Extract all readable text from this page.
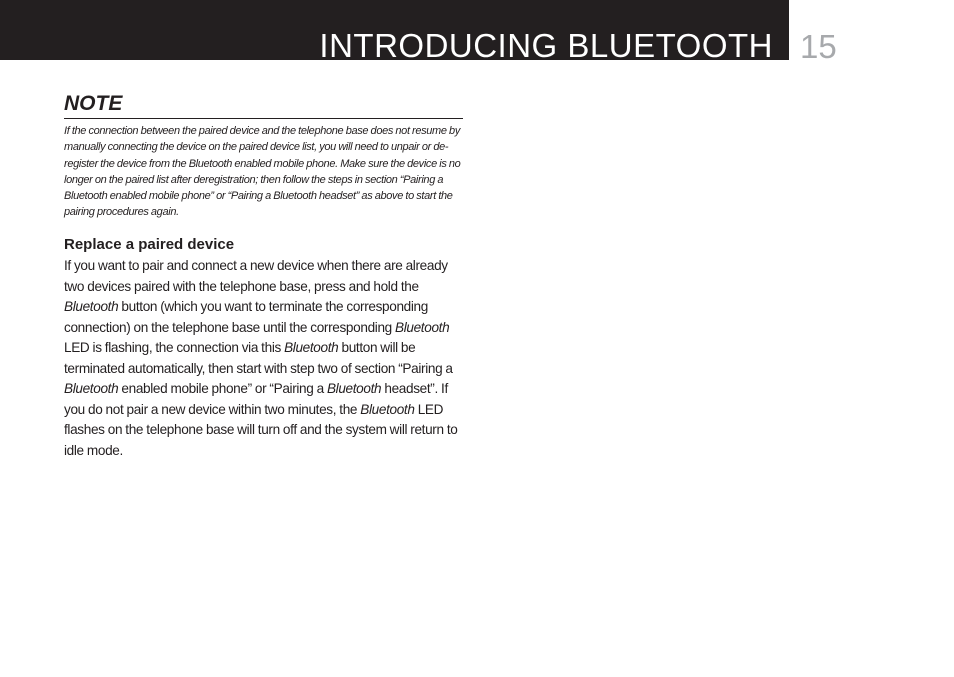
INTRODUCING BLUETOOTH 15
NOTE

If the connection between the paired device and the telephone base does not resume by manually connecting the device on the paired device list, you will need to unpair or de-register the device from the Bluetooth enabled mobile phone. Make sure the device is no longer on the paired list after deregistration; then follow the steps in section “Pairing a Bluetooth enabled mobile phone” or “Pairing a Bluetooth headset” as above to start the pairing procedures again.

Replace a paired device

If you want to pair and connect a new device when there are already two devices paired with the telephone base, press and hold the Bluetooth button (which you want to terminate the corresponding connection) on the telephone base until the corresponding Bluetooth LED is flashing, the connection via this Bluetooth button will be terminated automatically, then start with step two of section “Pairing a Bluetooth enabled mobile phone” or “Pairing a Bluetooth headset”. If you do not pair a new device within two minutes, the Bluetooth LED flashes on the telephone base will turn off and the system will return to idle mode.
